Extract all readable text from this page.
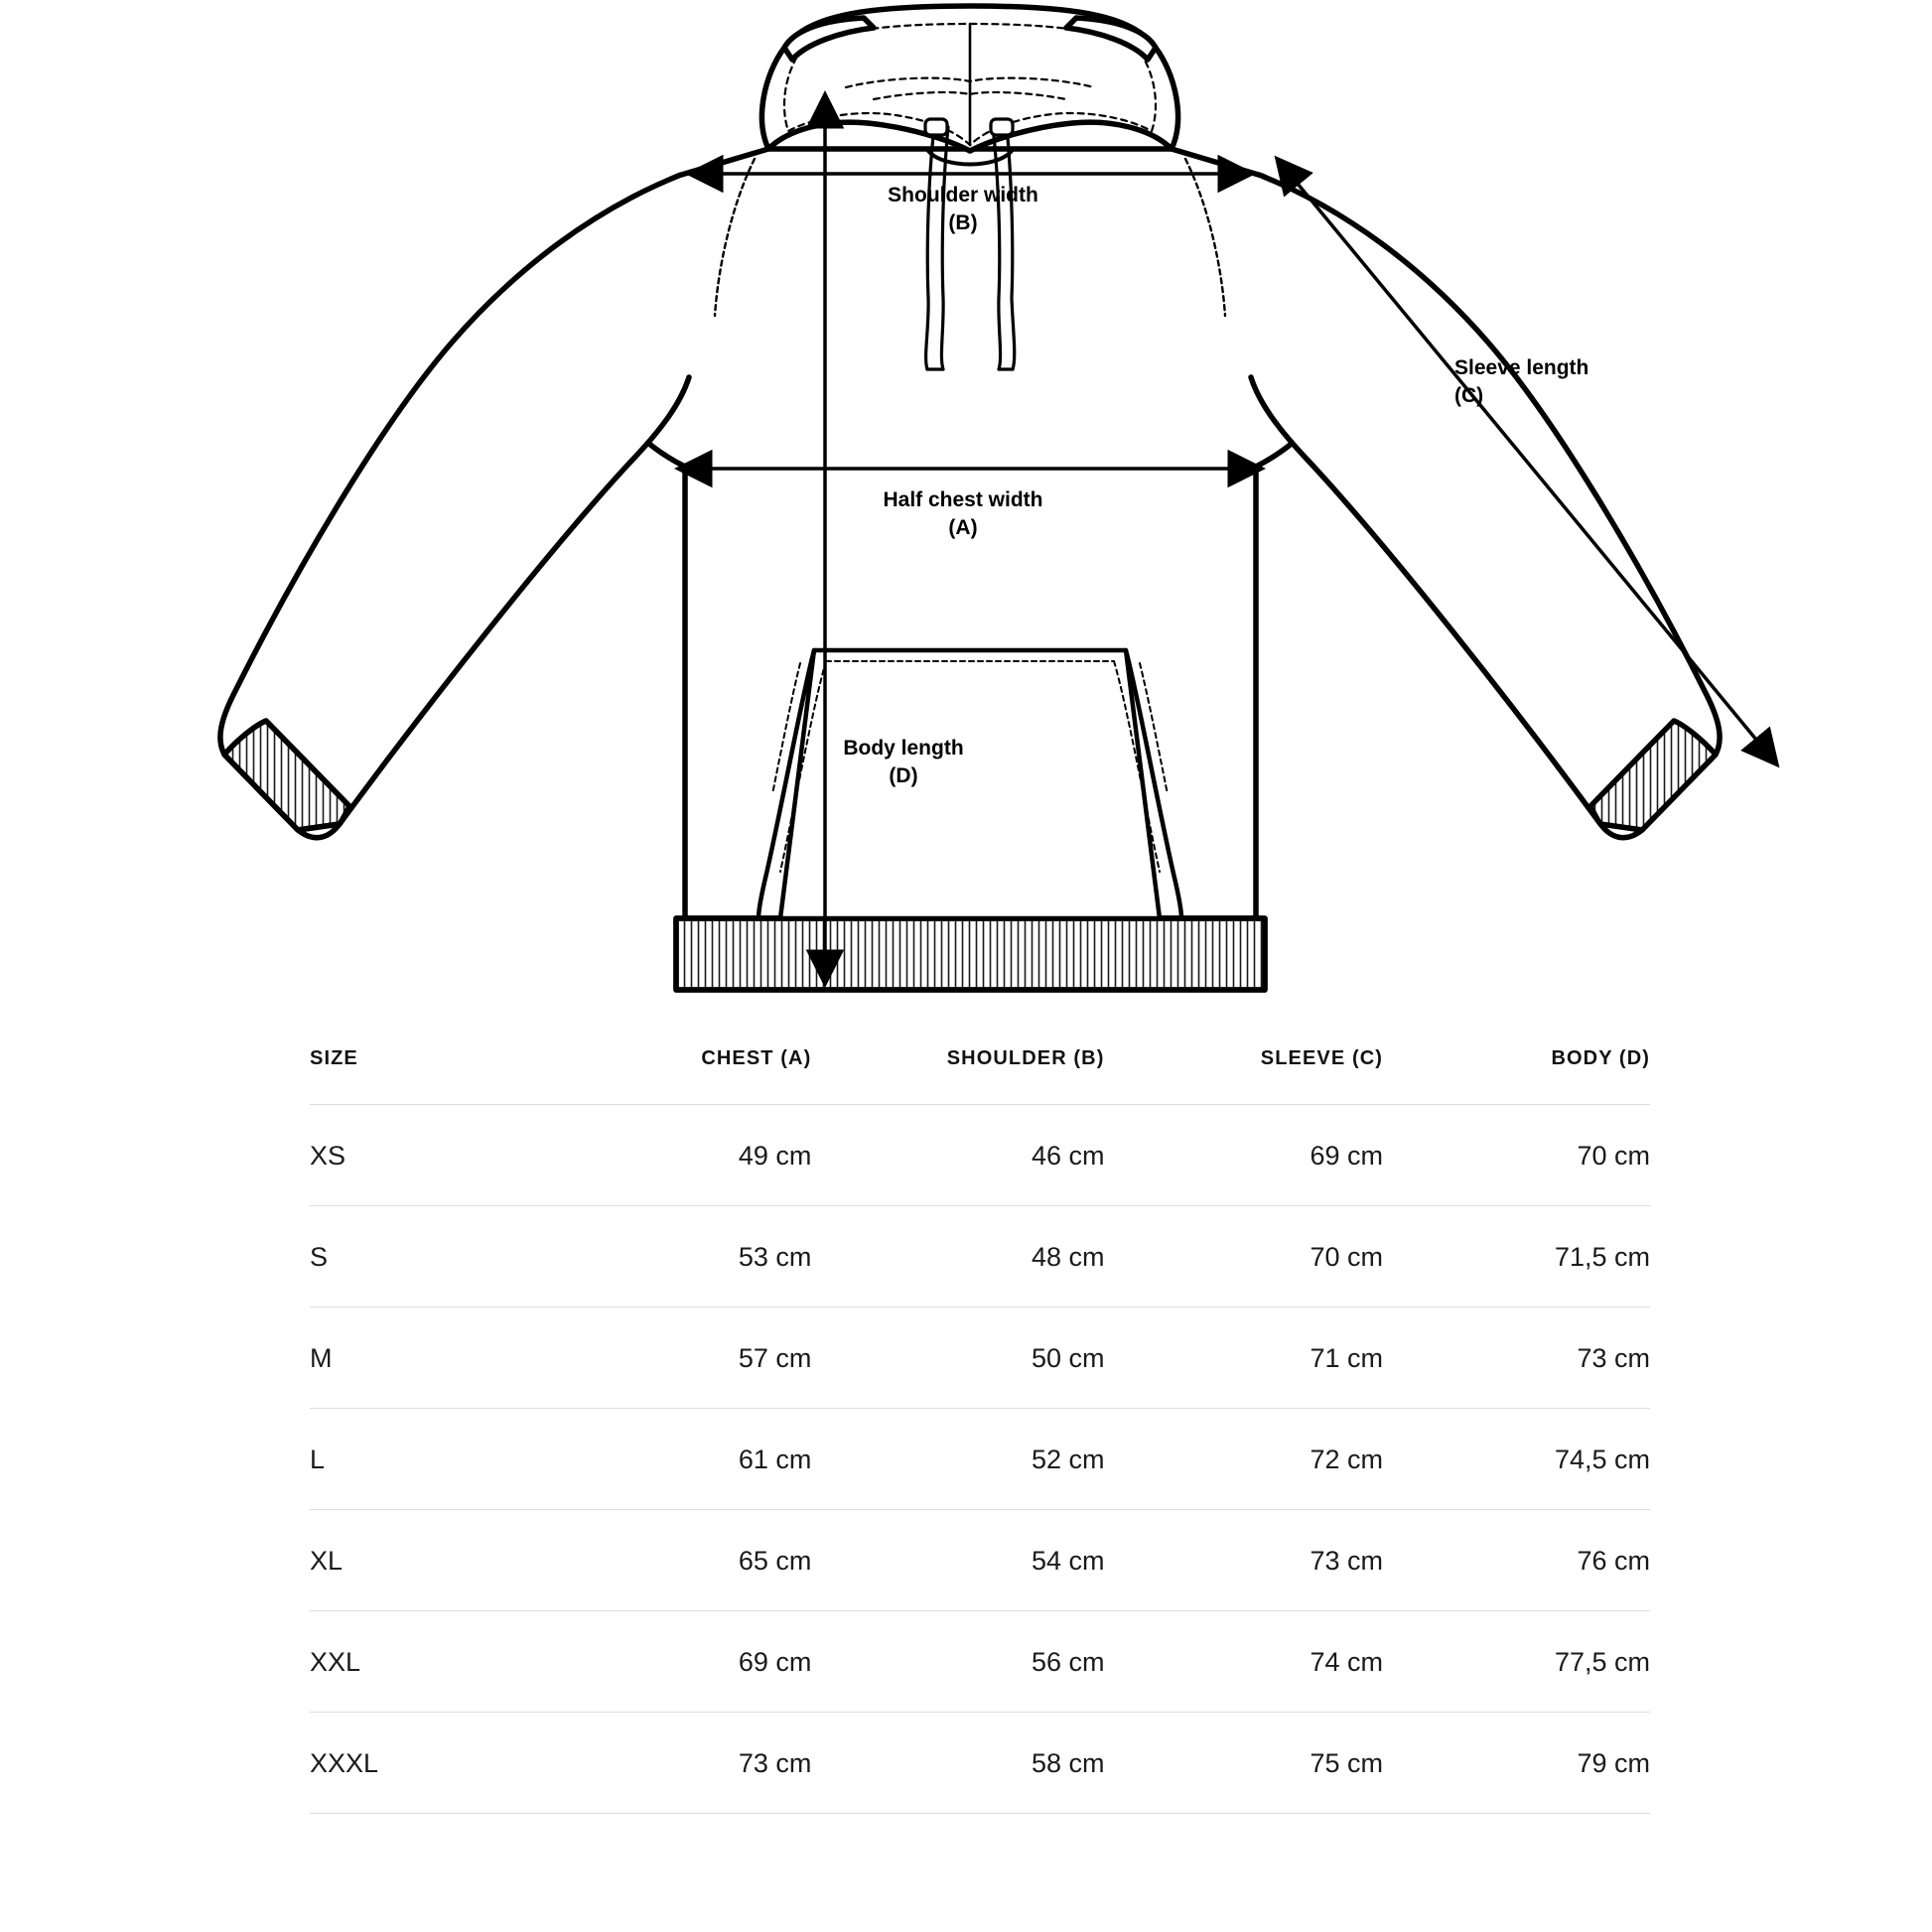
Shoulder width
(B)
Half chest width
(A)
Body length
(D)
Sleeve length
(C)
SIZE	CHEST (A)	SHOULDER (B)	SLEEVE (C)	BODY (D)
XS	49 cm	46 cm	69 cm	70 cm
S	53 cm	48 cm	70 cm	71,5 cm
M	57 cm	50 cm	71 cm	73 cm
L	61 cm	52 cm	72 cm	74,5 cm
XL	65 cm	54 cm	73 cm	76 cm
XXL	69 cm	56 cm	74 cm	77,5 cm
XXXL	73 cm	58 cm	75 cm	79 cm
